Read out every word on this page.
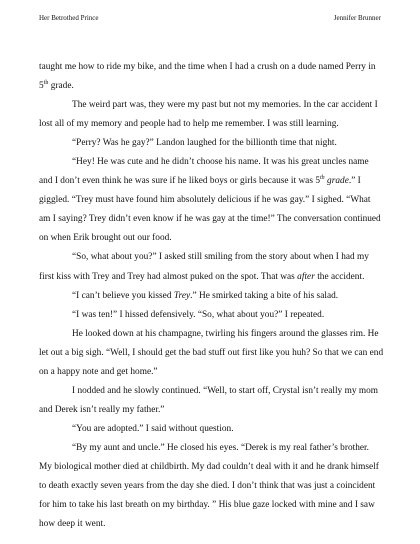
Her Betrothed Prince	Jennifer Brunner

taught me how to ride my bike, and the time when I had a crush on a dude named Perry in 5th grade.

The weird part was, they were my past but not my memories. In the car accident I lost all of my memory and people had to help me remember. I was still learning.

“Perry? Was he gay?” Landon laughed for the billionth time that night.

“Hey! He was cute and he didn’t choose his name. It was his great uncles name and I don’t even think he was sure if he liked boys or girls because it was 5th grade.” I giggled. “Trey must have found him absolutely delicious if he was gay.” I sighed. “What am I saying? Trey didn’t even know if he was gay at the time!” The conversation continued on when Erik brought out our food.

“So, what about you?” I asked still smiling from the story about when I had my first kiss with Trey and Trey had almost puked on the spot. That was after the accident.

“I can’t believe you kissed Trey.” He smirked taking a bite of his salad.

“I was ten!” I hissed defensively. “So, what about you?” I repeated.

He looked down at his champagne, twirling his fingers around the glasses rim. He let out a big sigh. “Well, I should get the bad stuff out first like you huh? So that we can end on a happy note and get home.”

I nodded and he slowly continued. “Well, to start off, Crystal isn’t really my mom and Derek isn’t really my father.”

“You are adopted.” I said without question.

“By my aunt and uncle.” He closed his eyes. “Derek is my real father’s brother. My biological mother died at childbirth. My dad couldn’t deal with it and he drank himself to death exactly seven years from the day she died. I don’t think that was just a coincident for him to take his last breath on my birthday. ” His blue gaze locked with mine and I saw how deep it went.
